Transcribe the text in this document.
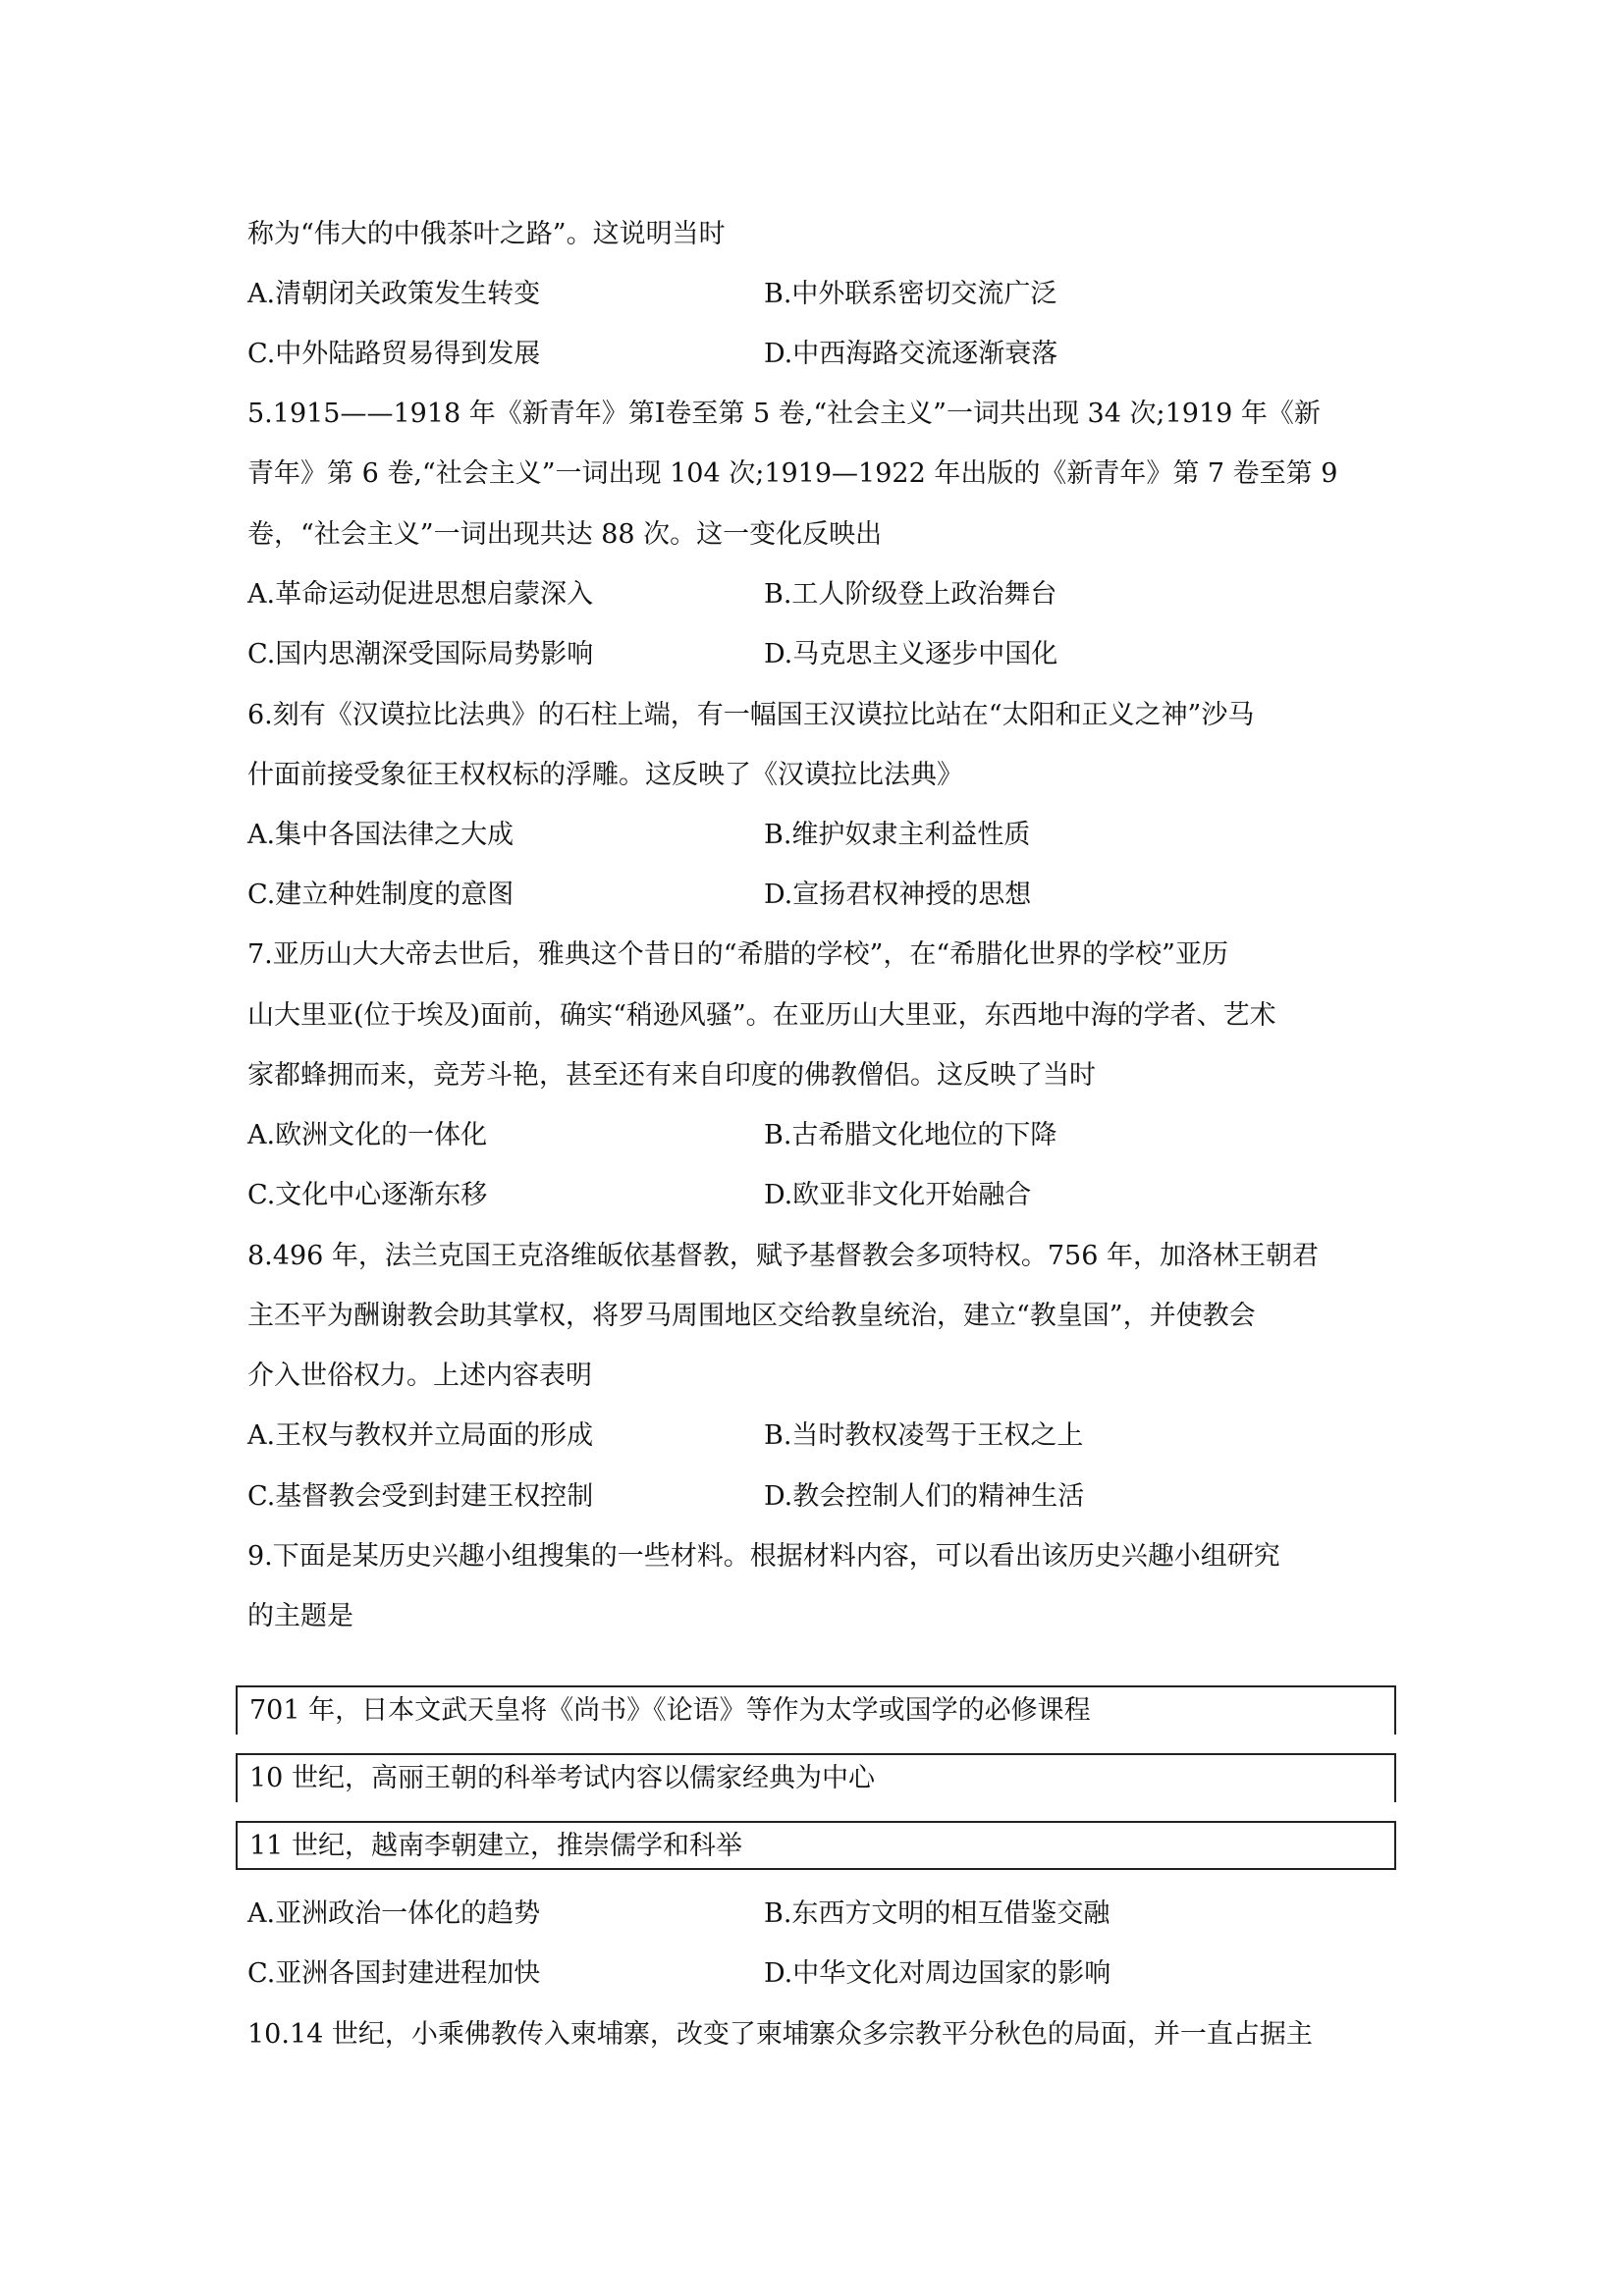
称为“伟大的中俄茶叶之路”。这说明当时
A.清朝闭关政策发生转变	B.中外联系密切交流广泛
C.中外陆路贸易得到发展	D.中西海路交流逐渐衰落
5.1915——1918 年《新青年》第Ⅰ卷至第 5 卷,“社会主义”一词共出现 34 次;1919 年《新
青年》第 6 卷,“社会主义”一词出现 104 次;1919—1922 年出版的《新青年》第 7 卷至第 9
卷，“社会主义”一词出现共达 88 次。这一变化反映出
A.革命运动促进思想启蒙深入	B.工人阶级登上政治舞台
C.国内思潮深受国际局势影响	D.马克思主义逐步中国化
6.刻有《汉谟拉比法典》的石柱上端，有一幅国王汉谟拉比站在“太阳和正义之神”沙马
什面前接受象征王权权标的浮雕。这反映了《汉谟拉比法典》
A.集中各国法律之大成	B.维护奴隶主利益性质
C.建立种姓制度的意图	D.宣扬君权神授的思想
7.亚历山大大帝去世后，雅典这个昔日的“希腊的学校”，在“希腊化世界的学校”亚历
山大里亚(位于埃及)面前，确实“稍逊风骚”。在亚历山大里亚，东西地中海的学者、艺术
家都蜂拥而来，竞芳斗艳，甚至还有来自印度的佛教僧侣。这反映了当时
A.欧洲文化的一体化	B.古希腊文化地位的下降
C.文化中心逐渐东移	D.欧亚非文化开始融合
8.496 年，法兰克国王克洛维皈依基督教，赋予基督教会多项特权。756 年，加洛林王朝君
主丕平为酬谢教会助其掌权，将罗马周围地区交给教皇统治，建立“教皇国”，并使教会
介入世俗权力。上述内容表明
A.王权与教权并立局面的形成	B.当时教权凌驾于王权之上
C.基督教会受到封建王权控制	D.教会控制人们的精神生活
9.下面是某历史兴趣小组搜集的一些材料。根据材料内容，可以看出该历史兴趣小组研究
的主题是
701 年，日本文武天皇将《尚书》《论语》等作为太学或国学的必修课程
10 世纪，高丽王朝的科举考试内容以儒家经典为中心
11 世纪，越南李朝建立，推崇儒学和科举
A.亚洲政治一体化的趋势	B.东西方文明的相互借鉴交融
C.亚洲各国封建进程加快	D.中华文化对周边国家的影响
10.14 世纪，小乘佛教传入柬埔寨，改变了柬埔寨众多宗教平分秋色的局面，并一直占据主
